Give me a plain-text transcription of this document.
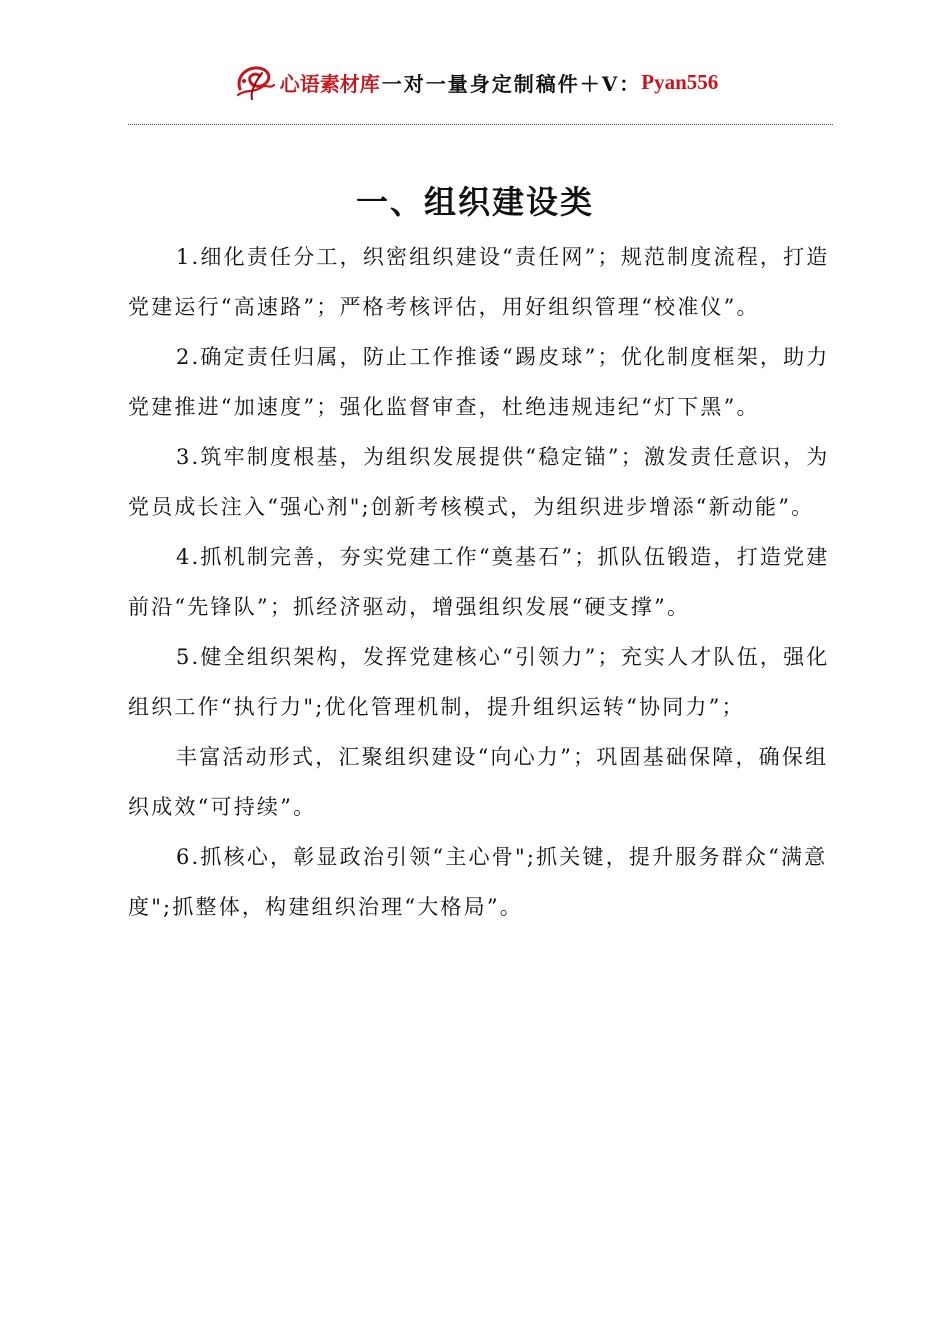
心语素材库 一对一量身定制稿件＋V： Pyan556
一、组织建设类

1.细化责任分工，织密组织建设“责任网”；规范制度流程，打造党建运行“高速路”；严格考核评估，用好组织管理“校准仪”。

2.确定责任归属，防止工作推诿“踢皮球”；优化制度框架，助力党建推进“加速度”；强化监督审查，杜绝违规违纪“灯下黑”。

3.筑牢制度根基，为组织发展提供“稳定锚”；激发责任意识，为党员成长注入“强心剂";创新考核模式，为组织进步增添“新动能”。

4.抓机制完善，夯实党建工作“奠基石”；抓队伍锻造，打造党建前沿“先锋队”；抓经济驱动，增强组织发展“硬支撑”。

5.健全组织架构，发挥党建核心“引领力”；充实人才队伍，强化组织工作“执行力";优化管理机制，提升组织运转“协同力”；

丰富活动形式，汇聚组织建设“向心力”；巩固基础保障，确保组织成效“可持续”。

6.抓核心，彰显政治引领“主心骨";抓关键，提升服务群众“满意度";抓整体，构建组织治理“大格局”。
